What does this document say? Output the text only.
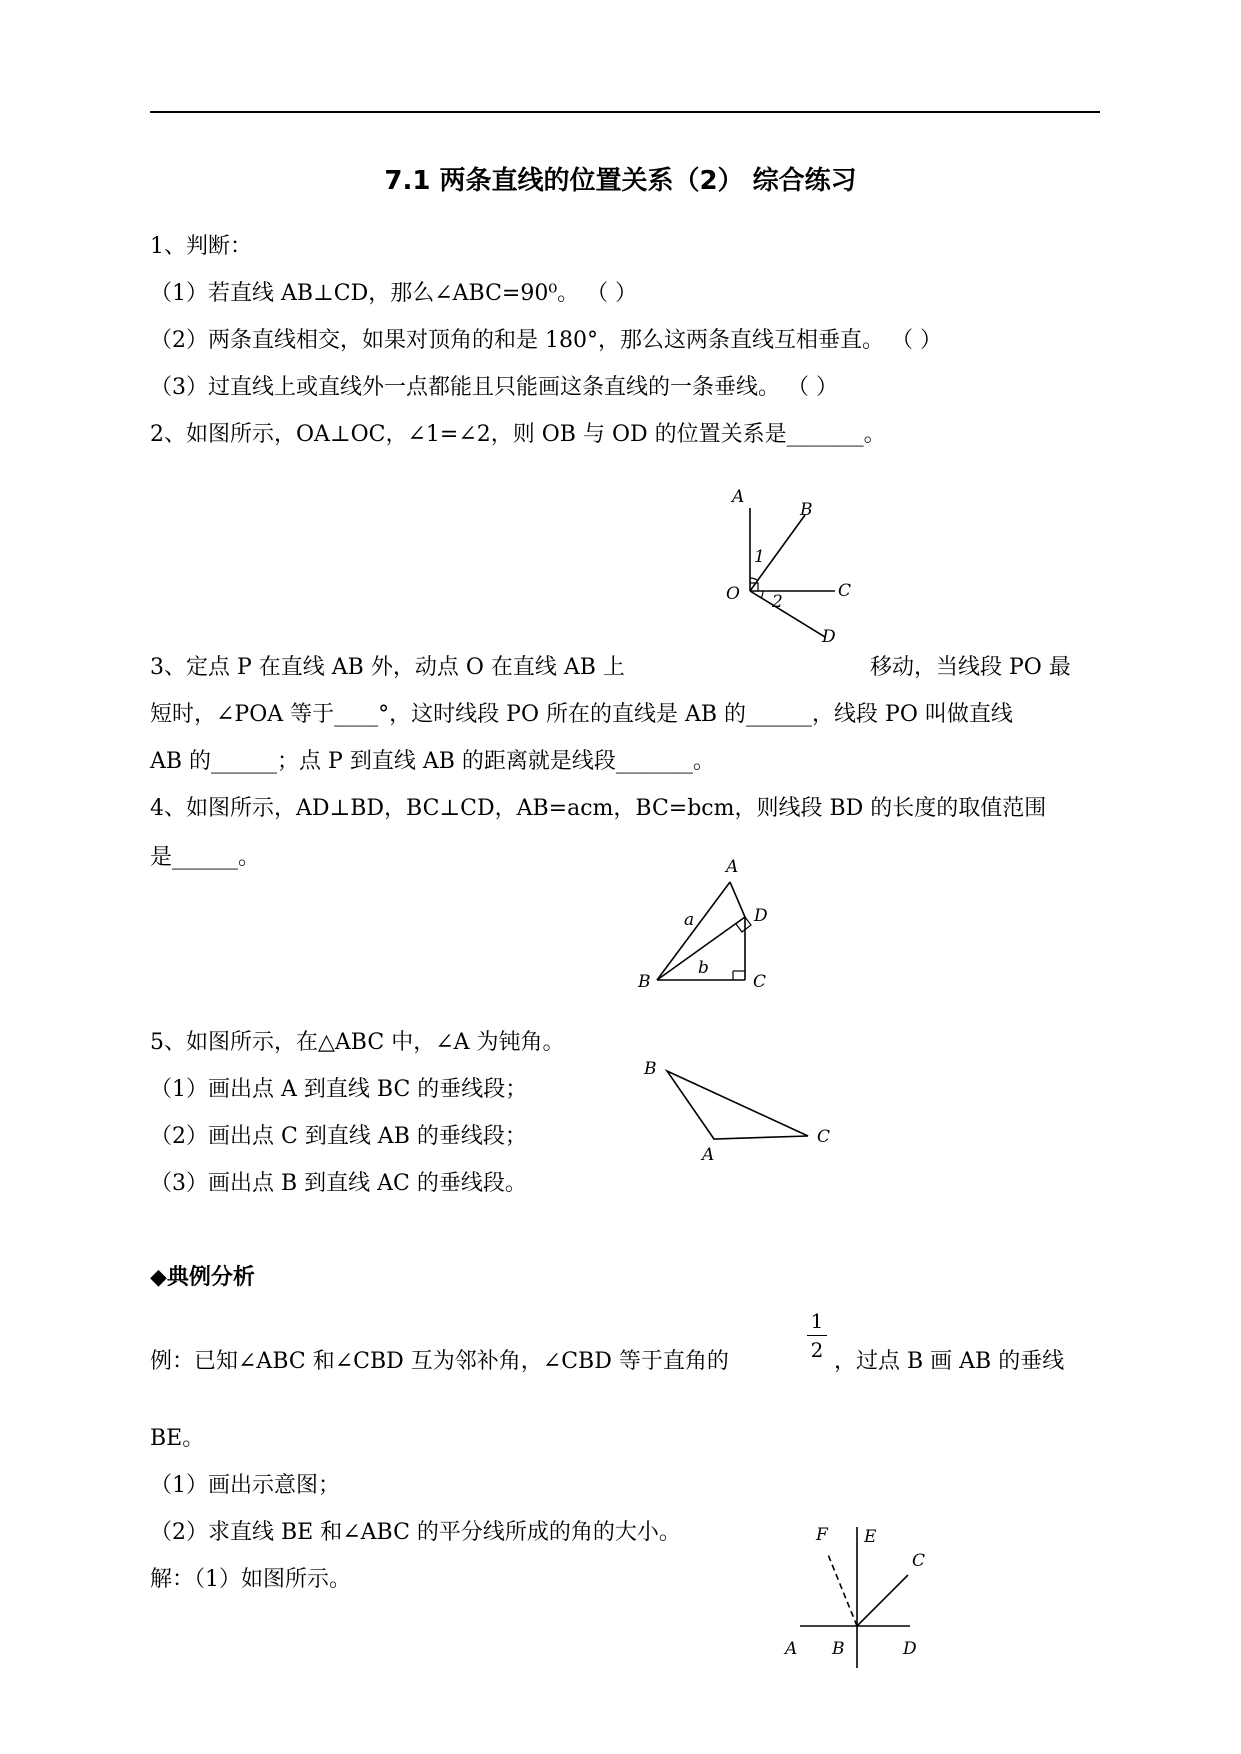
7.1 两条直线的位置关系（2） 综合练习
1、判断：
（1）若直线 AB⊥CD，那么∠ABC=90⁰。 （ ）
（2）两条直线相交，如果对顶角的和是 180°，那么这两条直线互相垂直。 （ ）
（3）过直线上或直线外一点都能且只能画这条直线的一条垂线。 （ ）
2、如图所示，OA⊥OC，∠1=∠2，则 OB 与 OD 的位置关系是_______。
A
B
1
O	C
2
D
3、定点 P 在直线 AB 外，动点 O 在直线 AB 上	移动，当线段 PO 最
短时，∠POA 等于____°，这时线段 PO 所在的直线是 AB 的______，线段 PO 叫做直线
AB 的______；点 P 到直线 AB 的距离就是线段_______。
4、如图所示，AD⊥BD，BC⊥CD，AB=acm，BC=bcm，则线段 BD 的长度的取值范围
是______。	A
a	D
b
B	C
5、如图所示，在△ABC 中，∠A 为钝角。
（1）画出点 A 到直线 BC 的垂线段；
（2）画出点 C 到直线 AB 的垂线段；
（3）画出点 B 到直线 AC 的垂线段。
B
C
A
◆典例分析
例：已知∠ABC 和∠CBD 互为邻补角，∠CBD 等于直角的
1
2 ，过点 B 画 AB 的垂线
BE。
（1）画出示意图；
（2）求直线 BE 和∠ABC 的平分线所成的角的大小。
解：（1）如图所示。
F E
C
A B	D
